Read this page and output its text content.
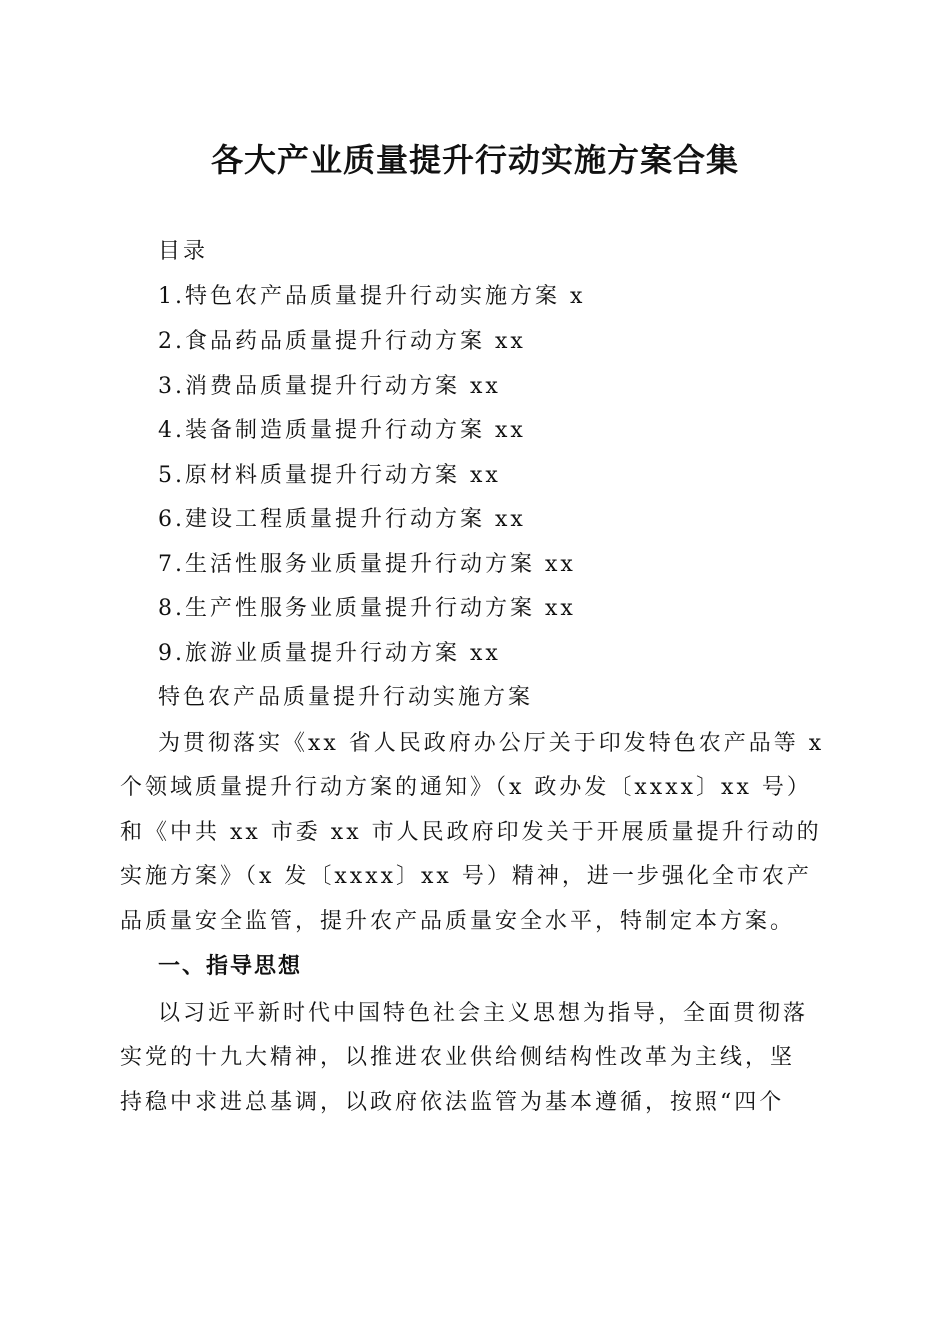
各大产业质量提升行动实施方案合集
目录
1.特色农产品质量提升行动实施方案 x
2.食品药品质量提升行动方案 xx
3.消费品质量提升行动方案 xx
4.装备制造质量提升行动方案 xx
5.原材料质量提升行动方案 xx
6.建设工程质量提升行动方案 xx
7.生活性服务业质量提升行动方案 xx
8.生产性服务业质量提升行动方案 xx
9.旅游业质量提升行动方案 xx
特色农产品质量提升行动实施方案
为贯彻落实《xx 省人民政府办公厅关于印发特色农产品等 x
个领域质量提升行动方案的通知》（x 政办发〔xxxx〕xx 号）
和《中共 xx 市委 xx 市人民政府印发关于开展质量提升行动的
实施方案》（x 发〔xxxx〕xx 号）精神，进一步强化全市农产
品质量安全监管，提升农产品质量安全水平，特制定本方案。
一、指导思想
以习近平新时代中国特色社会主义思想为指导，全面贯彻落
实党的十九大精神，以推进农业供给侧结构性改革为主线，坚
持稳中求进总基调，以政府依法监管为基本遵循，按照“四个
